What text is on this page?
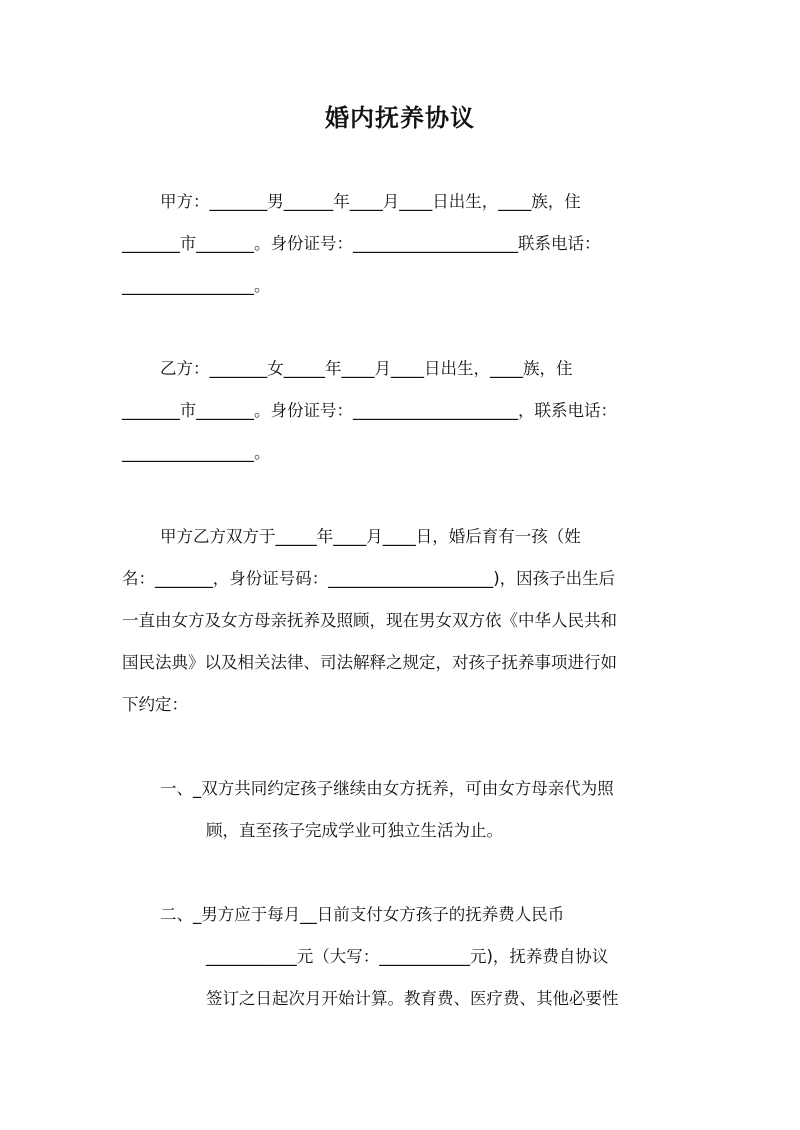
婚内抚养协议
甲方：_______男______年____月____日出生，____族，住
_______市_______。身份证号：____________________联系电话：
________________。
乙方：_______女_____年____月____日出生，____族，住
_______市_______。身份证号：____________________，联系电话：
________________。
甲方乙方双方于_____年____月____日，婚后育有一孩（姓
名：_______，身份证号码：____________________)，因孩子出生后
一直由女方及女方母亲抚养及照顾，现在男女双方依《中华人民共和
国民法典》以及相关法律、司法解释之规定，对孩子抚养事项进行如
下约定：
一、_双方共同约定孩子继续由女方抚养，可由女方母亲代为照
顾，直至孩子完成学业可独立生活为止。
二、_男方应于每月__日前支付女方孩子的抚养费人民币
___________元（大写：___________元)，抚养费自协议
签订之日起次月开始计算。教育费、医疗费、其他必要性
